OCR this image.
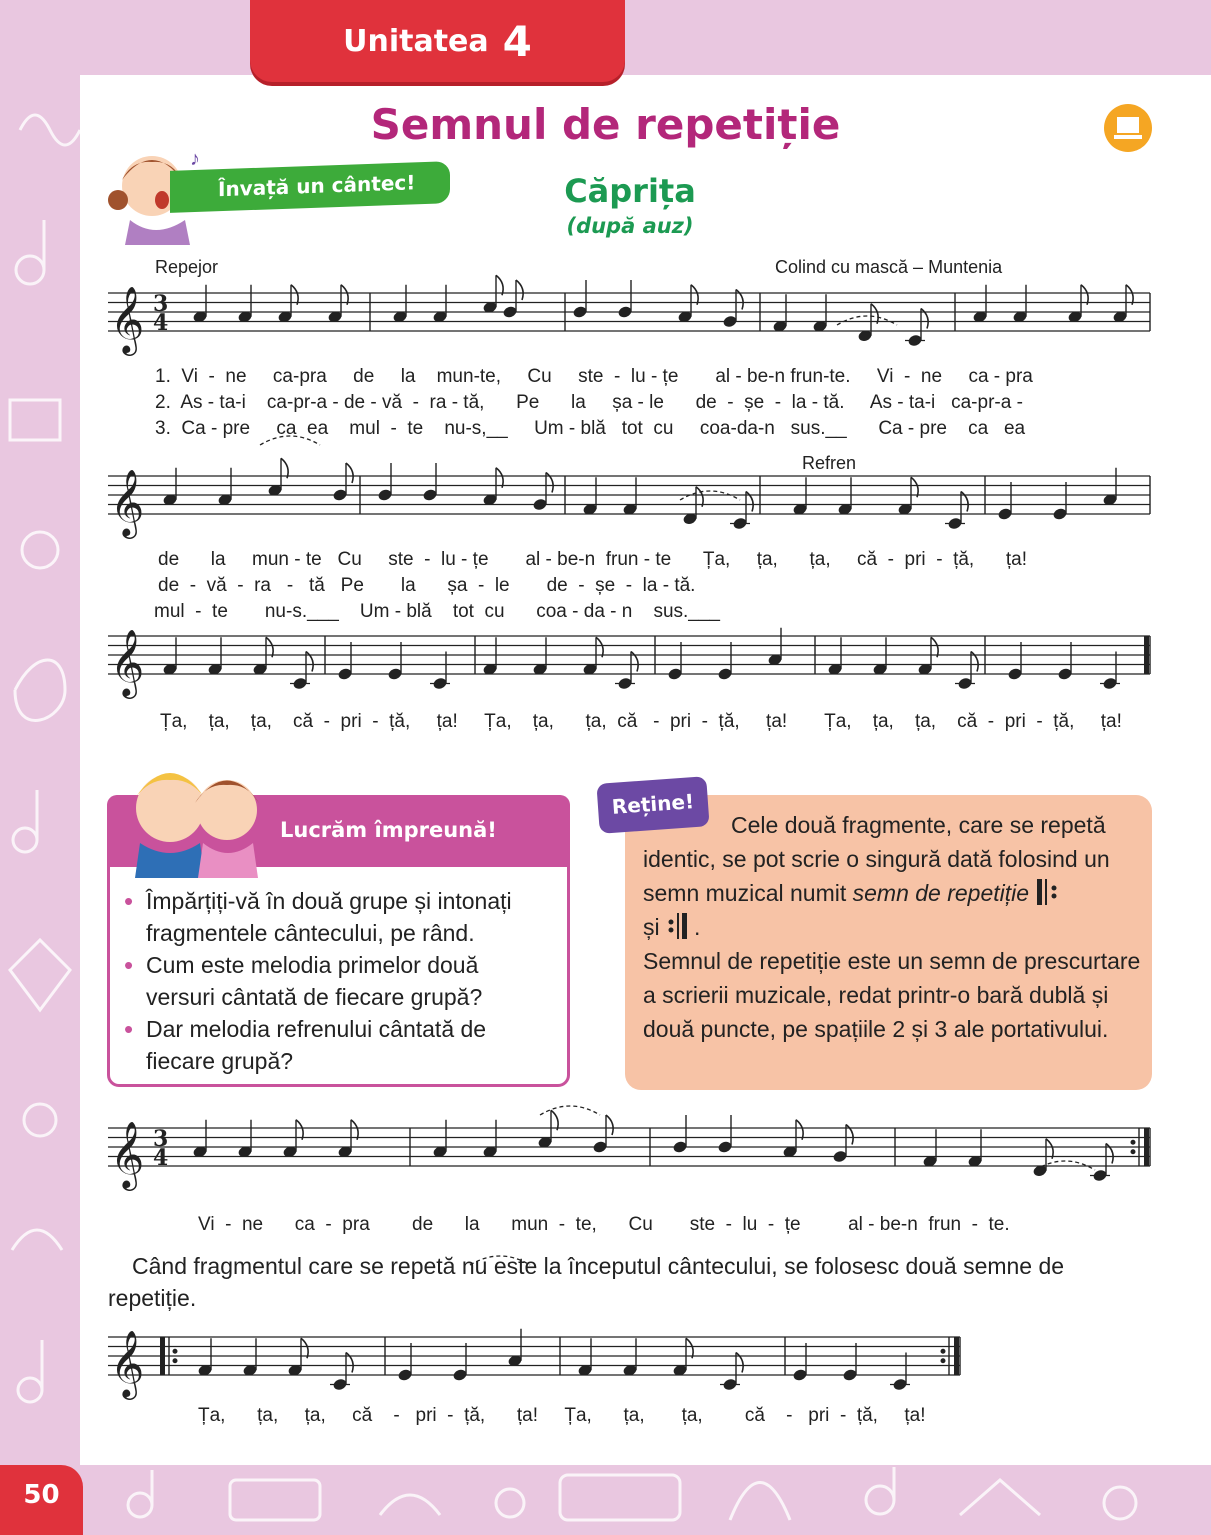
Unitatea 4
Semnul de repetiție
♪
Învață un cântec!	Căprița
(după auz)
Repejor	Colind cu mască – Muntenia
Refren
𝄞 3
4
𝄞
𝄞
𝄞 3
4
𝄞
1.  Vi  -  ne     ca-pra     de     la    mun-te,     Cu     ste  -  lu - țe       al - be-n frun-te.     Vi  -  ne     ca - pra
2.  As - ta-i    ca-pr-a - de - vă  -  ra - tă,      Pe      la     șa - le      de  -  șe  -  la - tă.     As - ta-i   ca-pr-a -
3.  Ca - pre     ca  ea    mul  -  te    nu-s,__     Um - blă   tot  cu     coa-da-n   sus.__      Ca - pre    ca   ea
de      la     mun - te   Cu     ste  -  lu - țe       al - be-n  frun - te      Ța,     ța,      ța,     că  -  pri  -  ță,      ța!
de  -  vă  -  ra   -   tă   Pe       la      șa  -  le       de  -  șe  -  la - tă.
mul  -  te       nu-s.___    Um - blă    tot  cu      coa - da - n    sus.___
Ța,    ța,    ța,    că  -  pri  -  ță,     ța!     Ța,    ța,      ța,  că   -  pri  -  ță,     ța!       Ța,    ța,    ța,    că  -  pri  -  ță,     ța!
Lucrăm împreună!

• Împărțiți-vă în două grupe și intonați fragmentele cântecului, pe rând.

• Cum este melodia primelor două versuri cântată de fiecare grupă?

• Dar melodia refrenului cântată de fiecare grupă?

Reține!
Cele două fragmente, care se repetă identic, se pot scrie o singură dată folosind un semn muzical numit semn de repetiție
și .
Semnul de repetiție este un semn de prescurtare a scrierii muzicale, redat printr-o bară dublă și două puncte, pe spațiile 2 și 3 ale portativului.
Vi  -  ne      ca  -  pra        de      la      mun  -  te,      Cu       ste  -  lu  -  țe         al - be-n  frun  -  te.
Când fragmentul care se repetă nu este la începutul cântecului, se folosesc două semne de repetiție.
Ța,      ța,     ța,     că    -   pri  -  ță,      ța!     Ța,      ța,       ța,        că    -   pri  -  ță,     ța!
50
